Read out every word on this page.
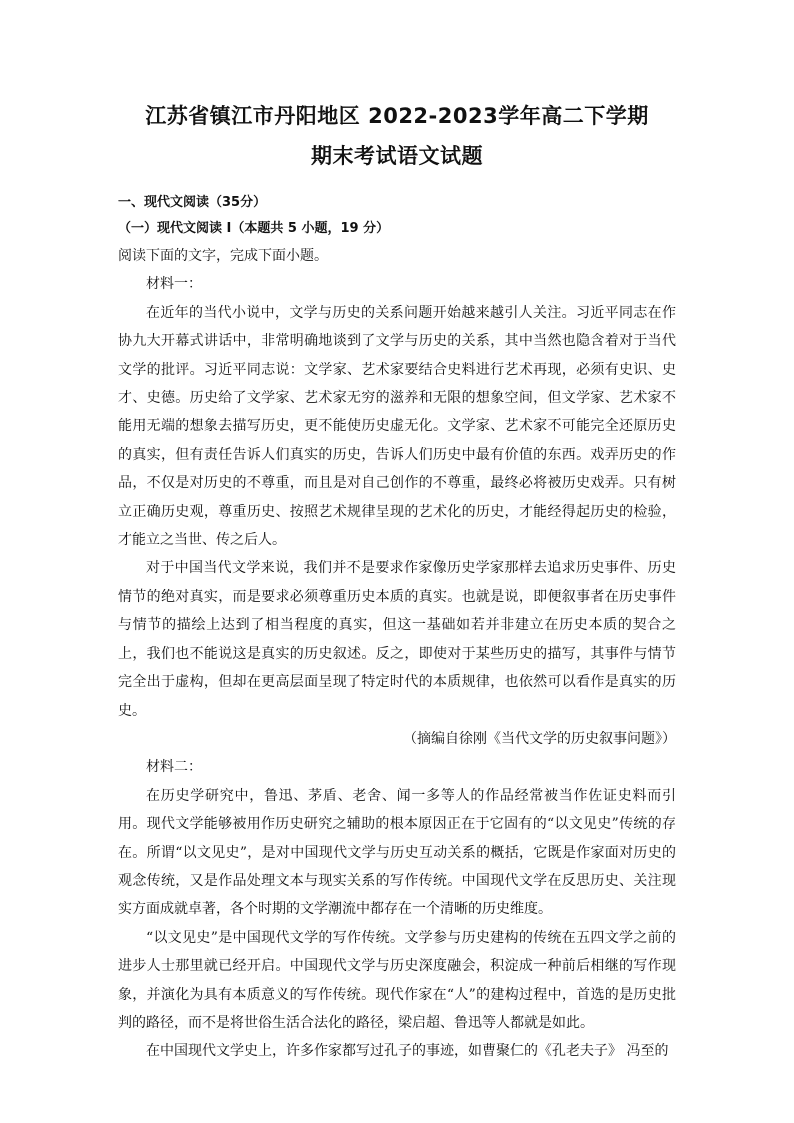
江苏省镇江市丹阳地区 2022-2023学年高二下学期
期末考试语文试题
一、现代文阅读（35分）
（一）现代文阅读 I（本题共 5 小题，19 分）

阅读下面的文字，完成下面小题。

材料一：

在近年的当代小说中，文学与历史的关系问题开始越来越引人关注。习近平同志在作协九大开幕式讲话中，非常明确地谈到了文学与历史的关系，其中当然也隐含着对于当代文学的批评。习近平同志说：文学家、艺术家要结合史料进行艺术再现，必须有史识、史才、史德。历史给了文学家、艺术家无穷的滋养和无限的想象空间，但文学家、艺术家不能用无端的想象去描写历史，更不能使历史虚无化。文学家、艺术家不可能完全还原历史的真实，但有责任告诉人们真实的历史，告诉人们历史中最有价值的东西。戏弄历史的作品，不仅是对历史的不尊重，而且是对自己创作的不尊重，最终必将被历史戏弄。只有树立正确历史观，尊重历史、按照艺术规律呈现的艺术化的历史，才能经得起历史的检验，才能立之当世、传之后人。

对于中国当代文学来说，我们并不是要求作家像历史学家那样去追求历史事件、历史情节的绝对真实，而是要求必须尊重历史本质的真实。也就是说，即便叙事者在历史事件与情节的描绘上达到了相当程度的真实，但这一基础如若并非建立在历史本质的契合之上，我们也不能说这是真实的历史叙述。反之，即使对于某些历史的描写，其事件与情节完全出于虚构，但却在更高层面呈现了特定时代的本质规律，也依然可以看作是真实的历史。

（摘编自徐刚《当代文学的历史叙事问题》）

材料二：

在历史学研究中，鲁迅、茅盾、老舍、闻一多等人的作品经常被当作佐证史料而引用。现代文学能够被用作历史研究之辅助的根本原因正在于它固有的“以文见史”传统的存在。所谓“以文见史”，是对中国现代文学与历史互动关系的概括，它既是作家面对历史的观念传统，又是作品处理文本与现实关系的写作传统。中国现代文学在反思历史、关注现实方面成就卓著，各个时期的文学潮流中都存在一个清晰的历史维度。

“以文见史”是中国现代文学的写作传统。文学参与历史建构的传统在五四文学之前的进步人士那里就已经开启。中国现代文学与历史深度融会，积淀成一种前后相继的写作现象，并演化为具有本质意义的写作传统。现代作家在“人”的建构过程中，首选的是历史批判的路径，而不是将世俗生活合法化的路径，梁启超、鲁迅等人都就是如此。

在中国现代文学史上，许多作家都写过孔子的事迹，如曹聚仁的《孔老夫子》 冯至的
